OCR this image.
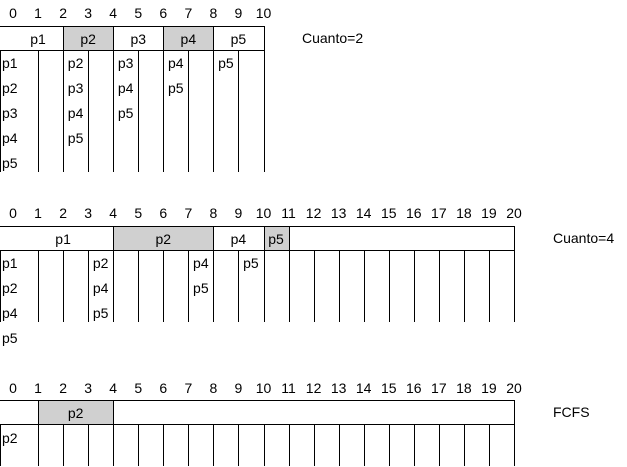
0 1 2 3 4 5 6 7 8 9 10
p1 p2 p3 p4 p5
p1
p2
p3
p4
p5
p2
p3
p4
p5
p3
p4
p5
p4
p5
p5
Cuanto=2
0 1 2 3 4 5 6 7 8 9 10 11 12 13 14 15 16 17 18 19 20
p1	p2	p4 p5
p1
p2
p4
p5
p2
p4
p5
p4
p5
p5
Cuanto=4
0 1 2 3 4 5 6 7 8 9 10 11 12 13 14 15 16 17 18 19 20
p2
p2
FCFS
